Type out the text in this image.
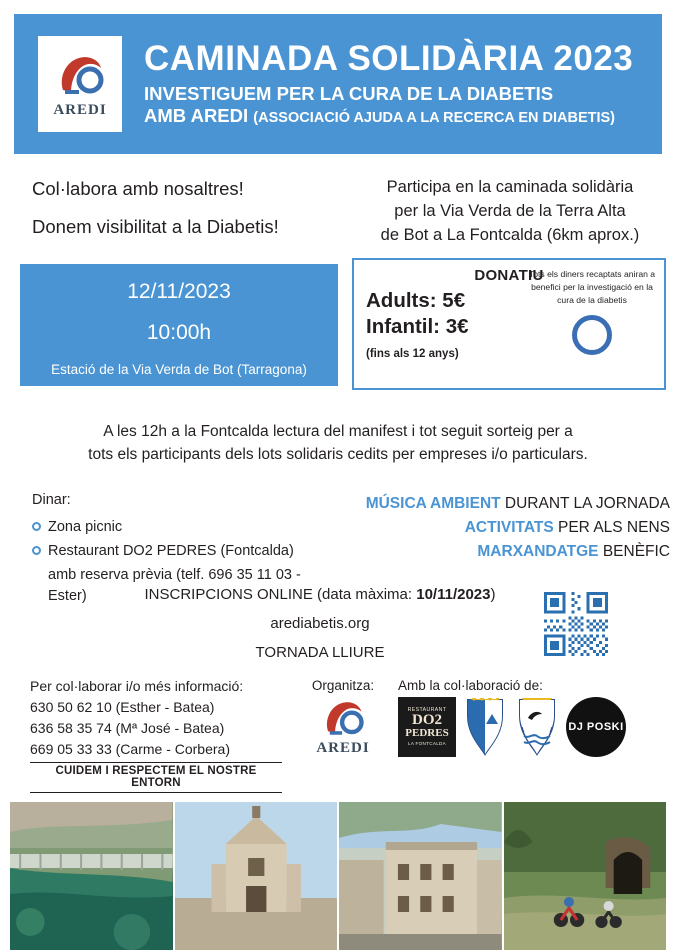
AREDI
CAMINADA SOLIDÀRIA 2023
INVESTIGUEM PER LA CURA DE LA DIABETIS
AMB AREDI (ASSOCIACIÓ AJUDA A LA RECERCA EN DIABETIS)
Col·labora amb nosaltres!
Donem visibilitat a la Diabetis!
Participa en la caminada solidària
per la Via Verda de la Terra Alta
de Bot a La Fontcalda (6km aprox.)
12/11/2023
10:00h
Estació de la Via Verda de Bot (Tarragona)
DONATIU
Adults: 5€
Infantil: 3€
(fins als 12 anys)
Tots els diners recaptats aniran a benefici per la investigació en la cura de la diabetis
A les 12h a la Fontcalda lectura del manifest i tot seguit sorteig per a
tots els participants dels lots solidaris cedits per empreses i/o particulars.
Dinar:
Zona picnic
Restaurant DO2 PEDRES (Fontcalda)
amb reserva prèvia (telf. 696 35 11 03 - Ester)
MÚSICA AMBIENT DURANT LA JORNADA
ACTIVITATS PER ALS NENS
MARXANDATGE BENÈFIC
INSCRIPCIONS ONLINE (data màxima: 10/11/2023)
arediabetis.org
TORNADA LLIURE
Per col·laborar i/o més informació:
630 50 62 10 (Esther - Batea)
636 58 35 74 (Mª José - Batea)
669 05 33 33 (Carme - Corbera)
CUIDEM I RESPECTEM EL NOSTRE ENTORN
Organitza:
AREDI
Amb la col·laboració de:
RESTAURANT
DO2
PEDRES
LA FONTCALDA
DJ POSKI
